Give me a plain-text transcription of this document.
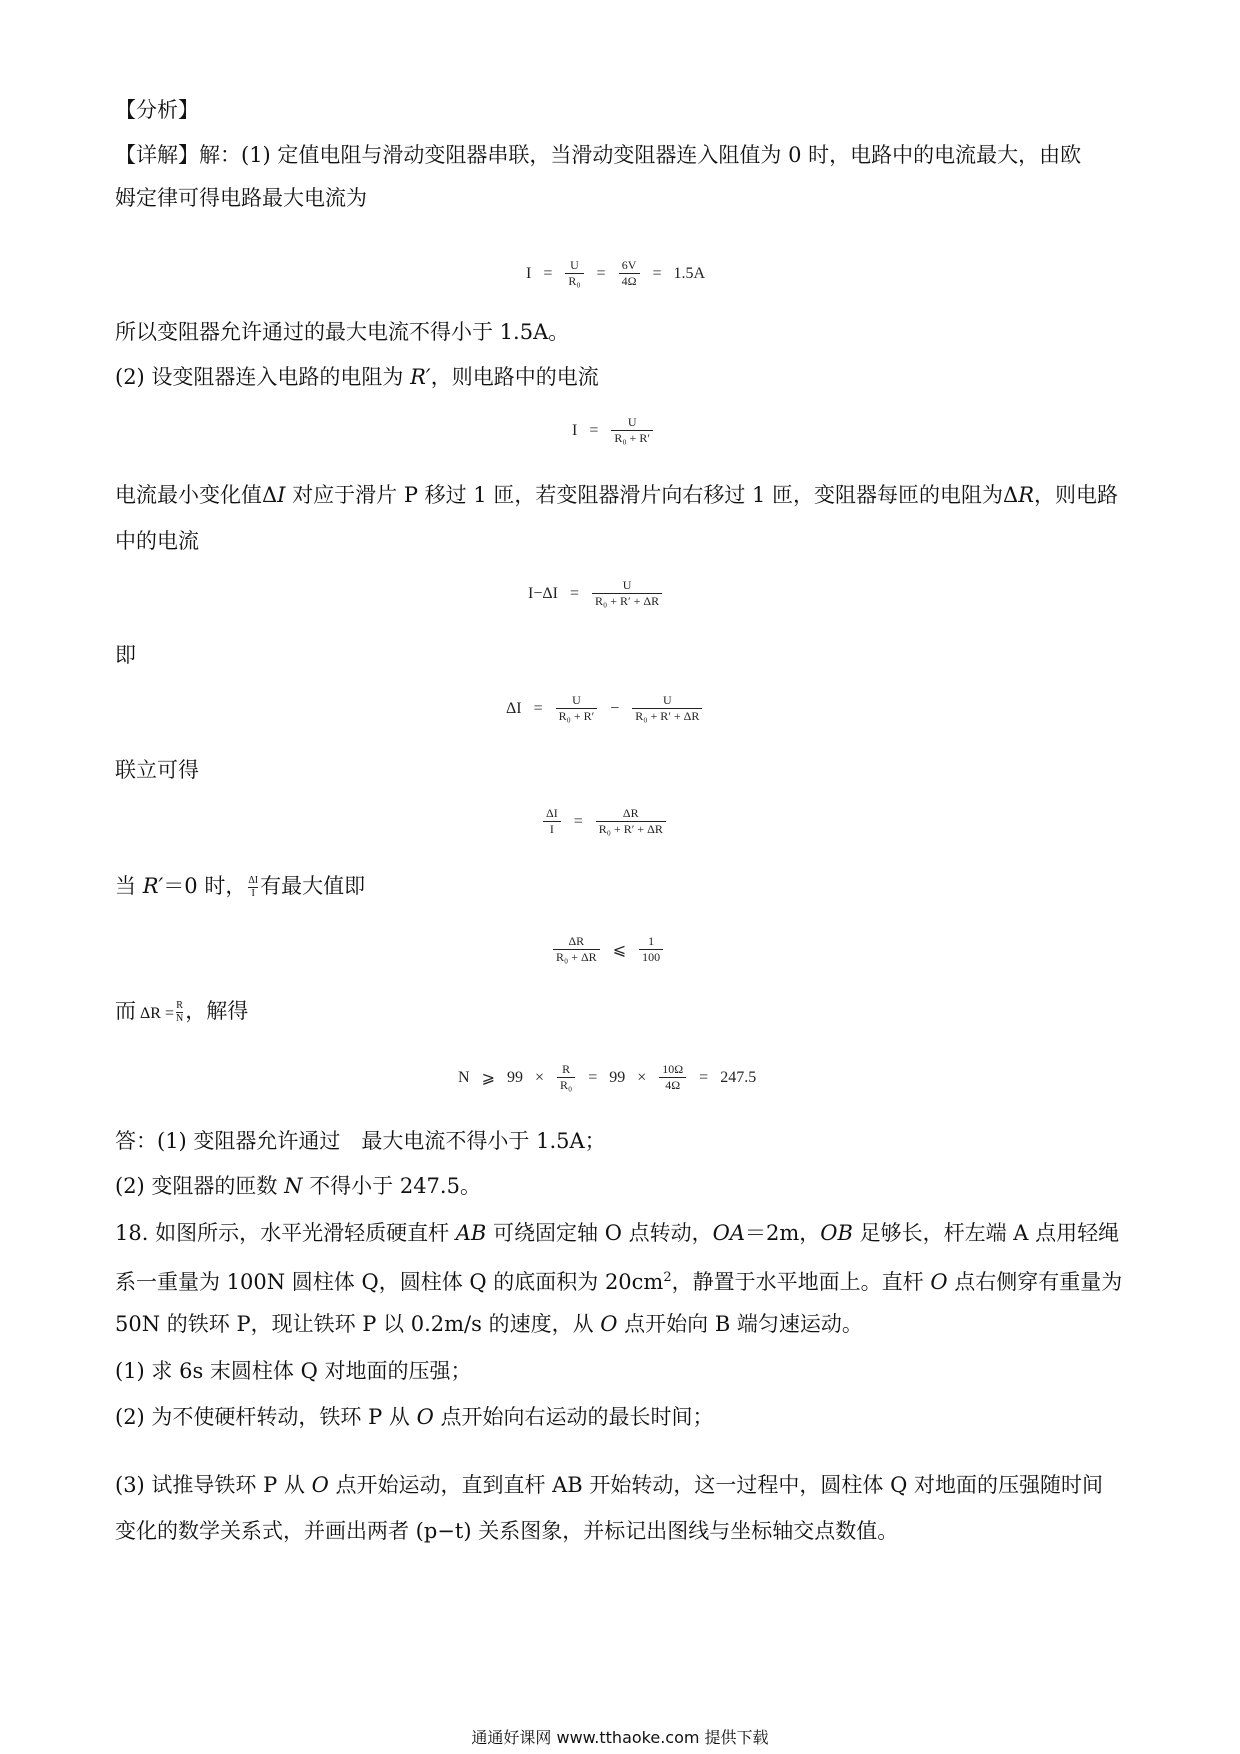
【分析】
【详解】解：(1) 定值电阻与滑动变阻器串联，当滑动变阻器连入阻值为 0 时，电路中的电流最大，由欧
姆定律可得电路最大电流为
$I = \frac{U}{\text{R₀}} = \frac{6V}{4\Omega} = 1.5A$
所以变阻器允许通过的最大电流不得小于 1.5A。
(2) 设变阻器连入电路的电阻为 R′，则电路中的电流
$I = \frac{U}{\text{R₀ + R′}}$
电流最小变化值ΔI 对应于滑片 P 移过 1 匝，若变阻器滑片向右移过 1 匝，变阻器每匝的电阻为ΔR，则电路
中的电流
$I-\Delta I = \frac{U}{\text{R₀ + R′ + ΔR}}$
即
$\Delta I = \frac{U}{\text{R₀ + R′}} - \frac{U}{\text{R₀ + R′ + ΔR}}$
联立可得
$\frac{\Delta I}{I} = \frac{\Delta R}{\text{R₀ + R′ + ΔR}}$
当 R′＝0 时， $\frac{\Delta I}{I}$ 有最大值即
$\frac{\Delta R}{\text{R₀ + ΔR}}$ ⩽ $\frac{1}{100}$
而 $\Delta R = \frac{R}{N}$ ，解得
N ⩾ $99 \times \frac{R}{\text{R₀}} = 99 \times \frac{10\Omega}{4\Omega} = 247.5$
答：(1) 变阻器允许通过　最大电流不得小于 1.5A；
(2) 变阻器的匝数 N 不得小于 247.5。
18. 如图所示，水平光滑轻质硬直杆 AB 可绕固定轴 O 点转动，OA＝2m，OB 足够长，杆左端 A 点用轻绳
系一重量为 100N 圆柱体 Q，圆柱体 Q 的底面积为 $20cm^2$，静置于水平地面上。直杆 O 点右侧穿有重量为
50N 的铁环 P，现让铁环 P 以 0.2m/s 的速度，从 O 点开始向 B 端匀速运动。
(1) 求 6s 末圆柱体 Q 对地面的压强；
(2) 为不使硬杆转动，铁环 P 从 O 点开始向右运动的最长时间；
(3) 试推导铁环 P 从 O 点开始运动，直到直杆 AB 开始转动，这一过程中，圆柱体 Q 对地面的压强随时间
变化的数学关系式，并画出两者 (p−t) 关系图象，并标记出图线与坐标轴交点数值。
通通好课网 www.tthaoke.com 提供下载
